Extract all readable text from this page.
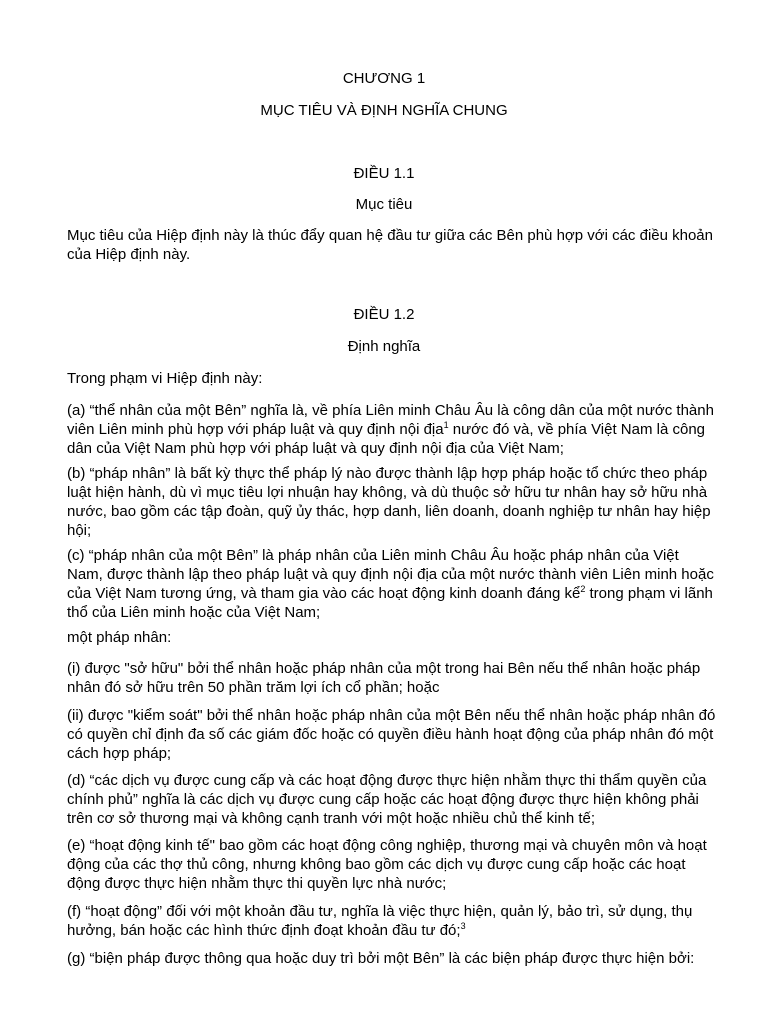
CHƯƠNG 1
MỤC TIÊU VÀ ĐỊNH NGHĨA CHUNG
ĐIỀU 1.1
Mục tiêu

Mục tiêu của Hiệp định này là thúc đẩy quan hệ đầu tư giữa các Bên phù hợp với các điều khoản của Hiệp định này.

ĐIỀU 1.2
Định nghĩa

Trong phạm vi Hiệp định này:

(a) “thể nhân của một Bên” nghĩa là, về phía Liên minh Châu Âu là công dân của một nước thành viên Liên minh phù hợp với pháp luật và quy định nội địa$^1$ nước đó và, về phía Việt Nam là công dân của Việt Nam phù hợp với pháp luật và quy định nội địa của Việt Nam;

(b) “pháp nhân” là bất kỳ thực thể pháp lý nào được thành lập hợp pháp hoặc tổ chức theo pháp luật hiện hành, dù vì mục tiêu lợi nhuận hay không, và dù thuộc sở hữu tư nhân hay sở hữu nhà nước, bao gồm các tập đoàn, quỹ ủy thác, hợp danh, liên doanh, doanh nghiệp tư nhân hay hiệp hội;

(c) “pháp nhân của một Bên” là pháp nhân của Liên minh Châu Âu hoặc pháp nhân của Việt Nam, được thành lập theo pháp luật và quy định nội địa của một nước thành viên Liên minh hoặc của Việt Nam tương ứng, và tham gia vào các hoạt động kinh doanh đáng kể$^2$ trong phạm vi lãnh thổ của Liên minh hoặc của Việt Nam;

một pháp nhân:

(i) được "sở hữu" bởi thể nhân hoặc pháp nhân của một trong hai Bên nếu thể nhân hoặc pháp nhân đó sở hữu trên 50 phần trăm lợi ích cổ phần; hoặc

(ii) được "kiểm soát" bởi thể nhân hoặc pháp nhân của một Bên nếu thể nhân hoặc pháp nhân đó có quyền chỉ định đa số các giám đốc hoặc có quyền điều hành hoạt động của pháp nhân đó một cách hợp pháp;

(d) “các dịch vụ được cung cấp và các hoạt động được thực hiện nhằm thực thi thẩm quyền của chính phủ” nghĩa là các dịch vụ được cung cấp hoặc các hoạt động được thực hiện không phải trên cơ sở thương mại và không cạnh tranh với một hoặc nhiều chủ thể kinh tế;

(e) “hoạt động kinh tế" bao gồm các hoạt động công nghiệp, thương mại và chuyên môn và hoạt động của các thợ thủ công, nhưng không bao gồm các dịch vụ được cung cấp hoặc các hoạt động được thực hiện nhằm thực thi quyền lực nhà nước;

(f) “hoạt động” đối với một khoản đầu tư, nghĩa là việc thực hiện, quản lý, bảo trì, sử dụng, thụ hưởng, bán hoặc các hình thức định đoạt khoản đầu tư đó;$^3$

(g) “biện pháp được thông qua hoặc duy trì bởi một Bên” là các biện pháp được thực hiện bởi:
